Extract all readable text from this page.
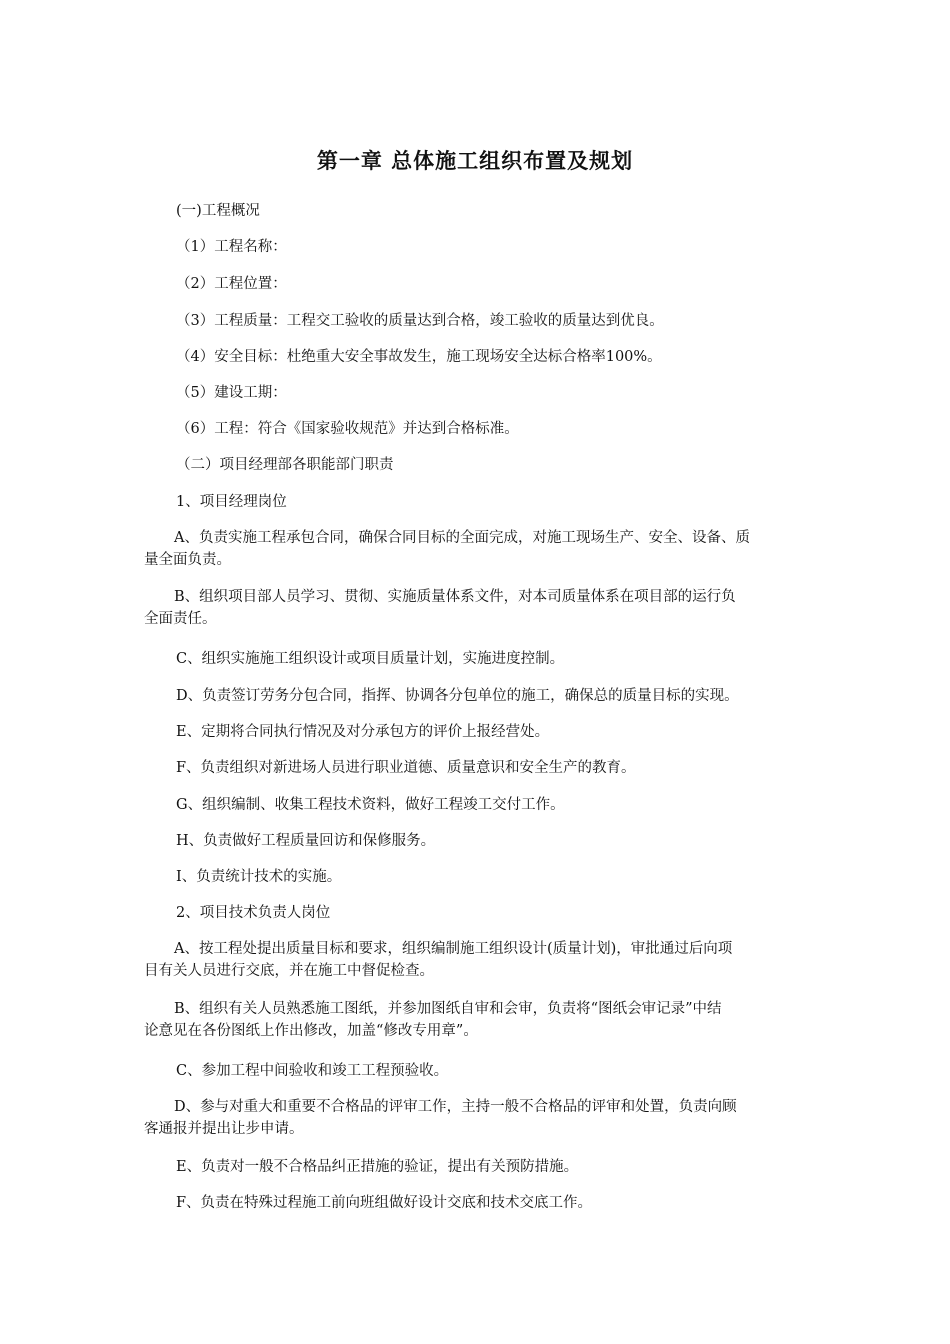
第一章 总体施工组织布置及规划
(一)工程概况
（1）工程名称：
（2）工程位置：
（3）工程质量：工程交工验收的质量达到合格，竣工验收的质量达到优良。
（4）安全目标：杜绝重大安全事故发生，施工现场安全达标合格率100%。
（5）建设工期：
（6）工程：符合《国家验收规范》并达到合格标准。
（二）项目经理部各职能部门职责
1、项目经理岗位
A、负责实施工程承包合同，确保合同目标的全面完成，对施工现场生产、安全、设备、质
量全面负责。
B、组织项目部人员学习、贯彻、实施质量体系文件，对本司质量体系在项目部的运行负
全面责任。
C、组织实施施工组织设计或项目质量计划，实施进度控制。
D、负责签订劳务分包合同，指挥、协调各分包单位的施工，确保总的质量目标的实现。
E、定期将合同执行情况及对分承包方的评价上报经营处。
F、负责组织对新进场人员进行职业道德、质量意识和安全生产的教育。
G、组织编制、收集工程技术资料，做好工程竣工交付工作。
H、负责做好工程质量回访和保修服务。
I、负责统计技术的实施。
2、项目技术负责人岗位
A、按工程处提出质量目标和要求，组织编制施工组织设计(质量计划)，审批通过后向项
目有关人员进行交底，并在施工中督促检查。
B、组织有关人员熟悉施工图纸，并参加图纸自审和会审，负责将“图纸会审记录”中结
论意见在各份图纸上作出修改，加盖“修改专用章”。
C、参加工程中间验收和竣工工程预验收。
D、参与对重大和重要不合格品的评审工作，主持一般不合格品的评审和处置，负责向顾
客通报并提出让步申请。
E、负责对一般不合格品纠正措施的验证，提出有关预防措施。
F、负责在特殊过程施工前向班组做好设计交底和技术交底工作。
